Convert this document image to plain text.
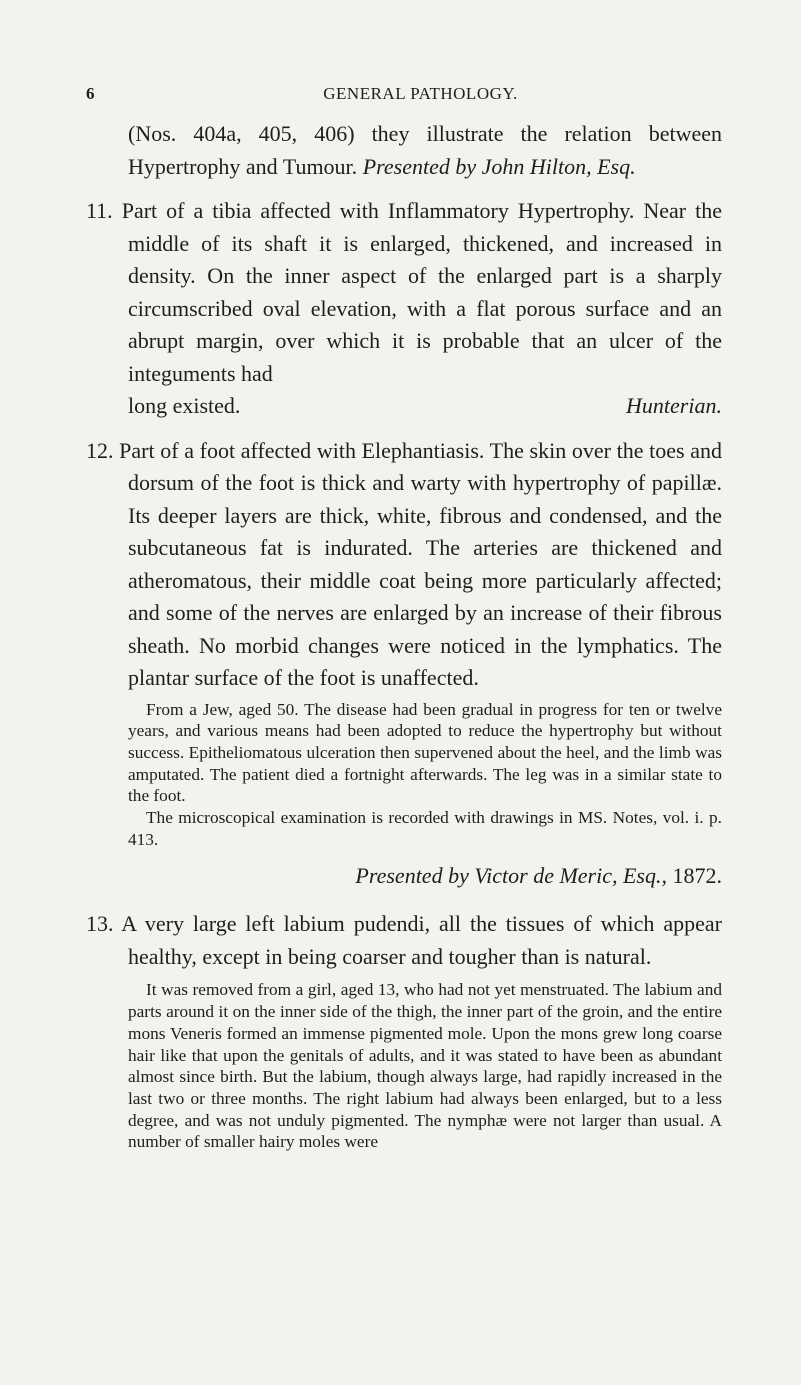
6	GENERAL PATHOLOGY.
(Nos. 404a, 405, 406) they illustrate the relation between Hypertrophy and Tumour. Presented by John Hilton, Esq.
11. Part of a tibia affected with Inflammatory Hypertrophy. Near the middle of its shaft it is enlarged, thickened, and increased in density. On the inner aspect of the enlarged part is a sharply circumscribed oval elevation, with a flat porous surface and an abrupt margin, over which it is probable that an ulcer of the integuments had
long existed.	Hunterian.
12. Part of a foot affected with Elephantiasis. The skin over the toes and dorsum of the foot is thick and warty with hypertrophy of papillæ. Its deeper layers are thick, white, fibrous and condensed, and the subcutaneous fat is indurated. The arteries are thickened and atheromatous, their middle coat being more particularly affected; and some of the nerves are enlarged by an increase of their fibrous sheath. No morbid changes were noticed in the lymphatics. The plantar surface of the foot is unaffected.

From a Jew, aged 50. The disease had been gradual in progress for ten or twelve years, and various means had been adopted to reduce the hypertrophy but without success. Epitheliomatous ulceration then supervened about the heel, and the limb was amputated. The patient died a fortnight afterwards. The leg was in a similar state to the foot.

The microscopical examination is recorded with drawings in MS. Notes, vol. i. p. 413.

Presented by Victor de Meric, Esq., 1872.
13. A very large left labium pudendi, all the tissues of which appear healthy, except in being coarser and tougher than is natural.

It was removed from a girl, aged 13, who had not yet menstruated. The labium and parts around it on the inner side of the thigh, the inner part of the groin, and the entire mons Veneris formed an immense pigmented mole. Upon the mons grew long coarse hair like that upon the genitals of adults, and it was stated to have been as abundant almost since birth. But the labium, though always large, had rapidly increased in the last two or three months. The right labium had always been enlarged, but to a less degree, and was not unduly pigmented. The nymphæ were not larger than usual. A number of smaller hairy moles were
